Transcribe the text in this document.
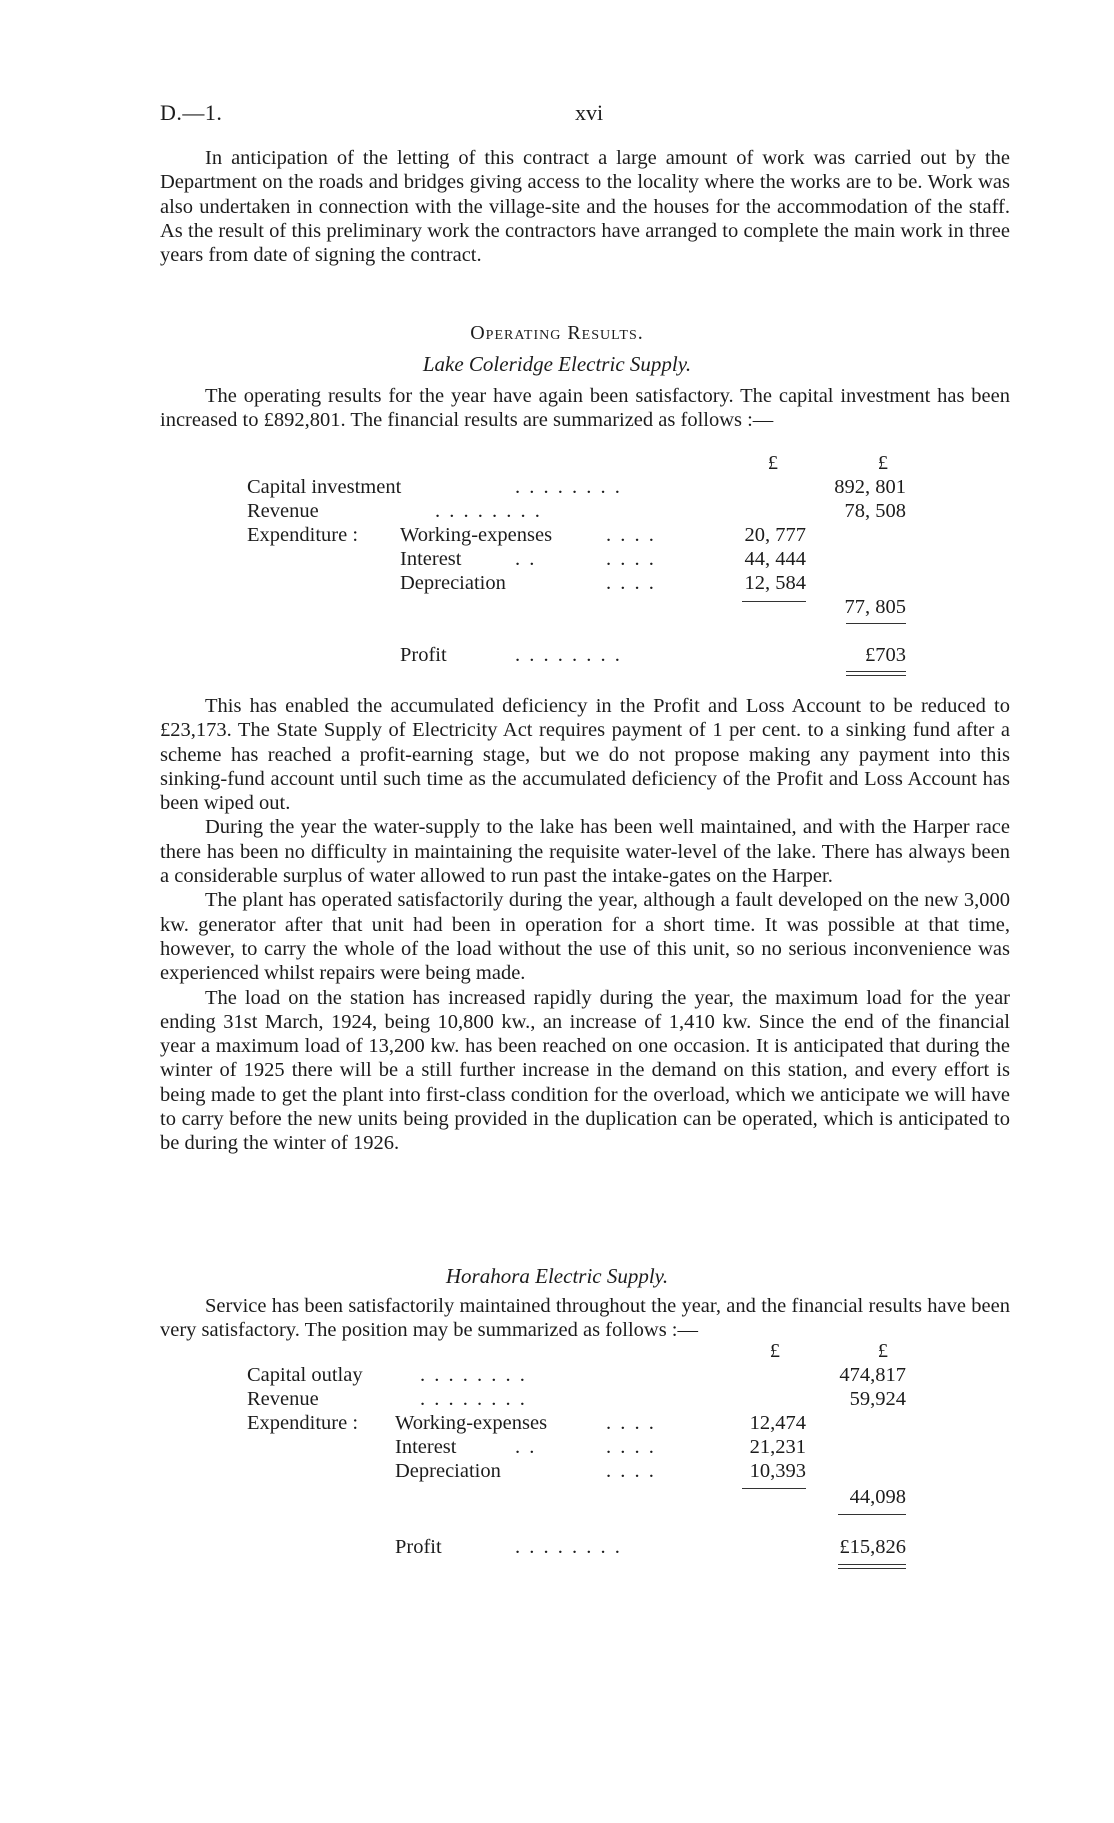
D.—1.	xvi

In anticipation of the letting of this contract a large amount of work was carried out by the Department on the roads and bridges giving access to the locality where the works are to be. Work was also undertaken in connection with the village-site and the houses for the accommodation of the staff. As the result of this preliminary work the contractors have arranged to complete the main work in three years from date of signing the contract.

Operating Results.
Lake Coleridge Electric Supply.

The operating results for the year have again been satisfactory. The capital investment has been increased to £892,801. The financial results are summarized as follows :—

£	£
Capital investment	. . . . . . . .	892, 801
Revenue	. . . . . . . .	78, 508
Expenditure : Working-expenses	. . . .	20, 777
Interest	. .	. . . .	44, 444
Depreciation	. . . .	12, 584
77, 805
Profit	. . . . . . . .	£703

This has enabled the accumulated deficiency in the Profit and Loss Account to be reduced to £23,173. The State Supply of Electricity Act requires payment of 1 per cent. to a sinking fund after a scheme has reached a profit-earning stage, but we do not propose making any payment into this sinking-fund account until such time as the accumulated deficiency of the Profit and Loss Account has been wiped out.

During the year the water-supply to the lake has been well maintained, and with the Harper race there has been no difficulty in maintaining the requisite water-level of the lake. There has always been a considerable surplus of water allowed to run past the intake-gates on the Harper.

The plant has operated satisfactorily during the year, although a fault developed on the new 3,000 kw. generator after that unit had been in operation for a short time. It was possible at that time, however, to carry the whole of the load without the use of this unit, so no serious inconvenience was experienced whilst repairs were being made.

The load on the station has increased rapidly during the year, the maximum load for the year ending 31st March, 1924, being 10,800 kw., an increase of 1,410 kw. Since the end of the financial year a maximum load of 13,200 kw. has been reached on one occasion. It is anticipated that during the winter of 1925 there will be a still further increase in the demand on this station, and every effort is being made to get the plant into first-class condition for the overload, which we anticipate we will have to carry before the new units being provided in the duplication can be operated, which is anticipated to be during the winter of 1926.

Horahora Electric Supply.

Service has been satisfactorily maintained throughout the year, and the financial results have been very satisfactory. The position may be summarized as follows :—

£	£
Capital outlay	. . . . . . . .	474,817
Revenue	. . . . . . . .	59,924
Expenditure : Working-expenses	. . . .	12,474
Interest	. .	. . . .	21,231
Depreciation	. . . .	10,393
44,098
Profit	. . . . . . . .	£15,826
